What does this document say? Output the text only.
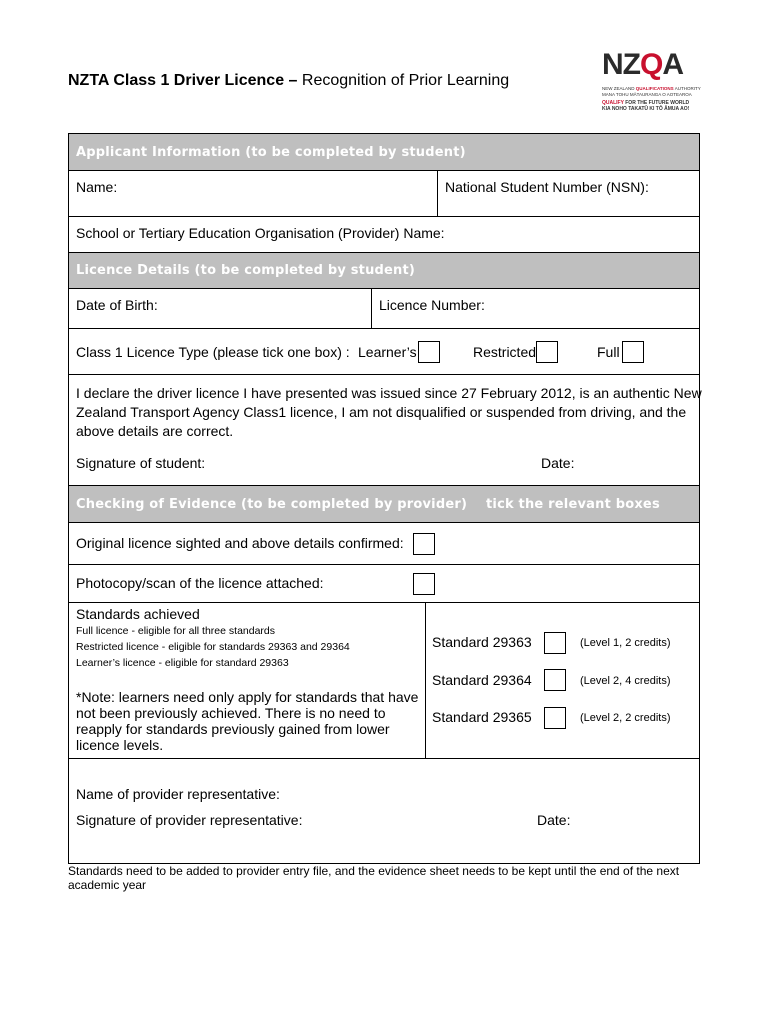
NZTA Class 1 Driver Licence – Recognition of Prior Learning	NZQA
NEW ZEALAND QUALIFICATIONS AUTHORITY
MANA TOHU MĀTAURANGA O AOTEAROA
QUALIFY FOR THE FUTURE WORLD
KIA NOHO TAKATŪ KI TŌ ĀMUA AO!
Applicant Information (to be completed by student)
Name:	National Student Number (NSN):
School or Tertiary Education Organisation (Provider) Name:
Licence Details (to be completed by student)
Date of Birth:	Licence Number:
Class 1 Licence Type (please tick one box) : Learner’s	Restricted	Full
I declare the driver licence I have presented was issued since 27 February 2012, is an authentic New
Zealand Transport Agency Class1 licence, I am not disqualified or suspended from driving, and the
above details are correct.
Signature of student:	Date:
Checking of Evidence (to be completed by provider)    tick the relevant boxes
Original licence sighted and above details confirmed:
Photocopy/scan of the licence attached:
Standards achieved
Full licence - eligible for all three standards
Restricted licence - eligible for standards 29363 and 29364
Learner’s licence - eligible for standard 29363
*Note: learners need only apply for standards that have
not been previously achieved. There is no need to
reapply for standards previously gained from lower
licence levels.
Standard 29363	(Level 1, 2 credits)
Standard 29364	(Level 2, 4 credits)
Standard 29365	(Level 2, 2 credits)
Name of provider representative:
Signature of provider representative:	Date:
Standards need to be added to provider entry file, and the evidence sheet needs to be kept until the end of the next academic year
